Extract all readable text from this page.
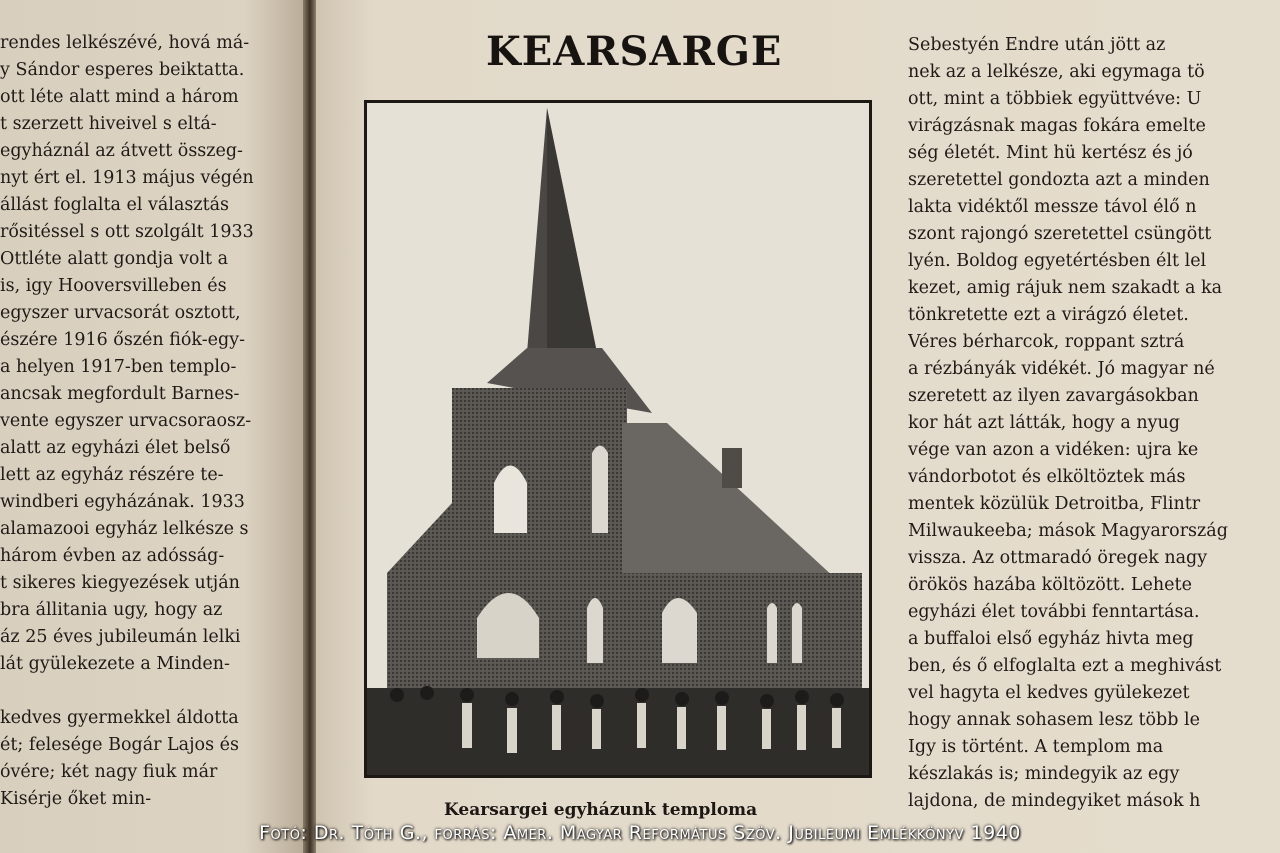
rendes lelkészévé, hová má-
y Sándor esperes beiktatta.
ott léte alatt mind a három
t szerzett hiveivel s eltá-
egyháznál az átvett összeg-
nyt ért el. 1913 május végén
állást foglalta el választás
rősitéssel s ott szolgált 1933
Ottléte alatt gondja volt a
is, igy Hooversvilleben és
egyszer urvacsorát osztott,
észére 1916 őszén fiók-egy-
a helyen 1917-ben templo-
ancsak megfordult Barnes-
vente egyszer urvacsoraosz-
alatt az egyházi élet belső
lett az egyház részére te-
windberi egyházának. 1933
alamazooi egyház lelkésze s
három évben az adósság-
t sikeres kiegyezések utján
bra állitania ugy, hogy az
áz 25 éves jubileumán lelki
lát gyülekezete a Minden-
kedves gyermekkel áldotta
ét; felesége Bogár Lajos és
óvére; két nagy fiuk már
Kisérje őket min-
KEARSARGE

Kearsargei egyházunk temploma

Sebestyén Endre után jött az
nek az a lelkésze, aki egymaga tö
ott, mint a többiek együttvéve: U
virágzásnak magas fokára emelte
ség életét. Mint hü kertész és jó
szeretettel gondozta azt a minden
lakta vidéktől messze távol élő n
szont rajongó szeretettel csüngött
lyén. Boldog egyetértésben élt lel
kezet, amig rájuk nem szakadt a ka
tönkretette ezt a virágzó életet.
Véres bérharcok, roppant sztrá
a rézbányák vidékét. Jó magyar né
szeretett az ilyen zavargásokban
kor hát azt látták, hogy a nyug
vége van azon a vidéken: ujra ke
vándorbotot és elköltöztek más
mentek közülük Detroitba, Flintr
Milwaukeeba; mások Magyarország
vissza. Az ottmaradó öregek nagy
örökös hazába költözött. Lehete
egyházi élet további fenntartása.
a buffaloi első egyház hivta meg
ben, és ő elfoglalta ezt a meghivást
vel hagyta el kedves gyülekezet
hogy annak sohasem lesz több le
Igy is történt. A templom ma
készlakás is; mindegyik az egy
lajdona, de mindegyiket mások h
Fotó: Dr. Tóth G., forrás: Amer. Magyar Református Szöv. Jubileumi Emlékkönyv 1940
